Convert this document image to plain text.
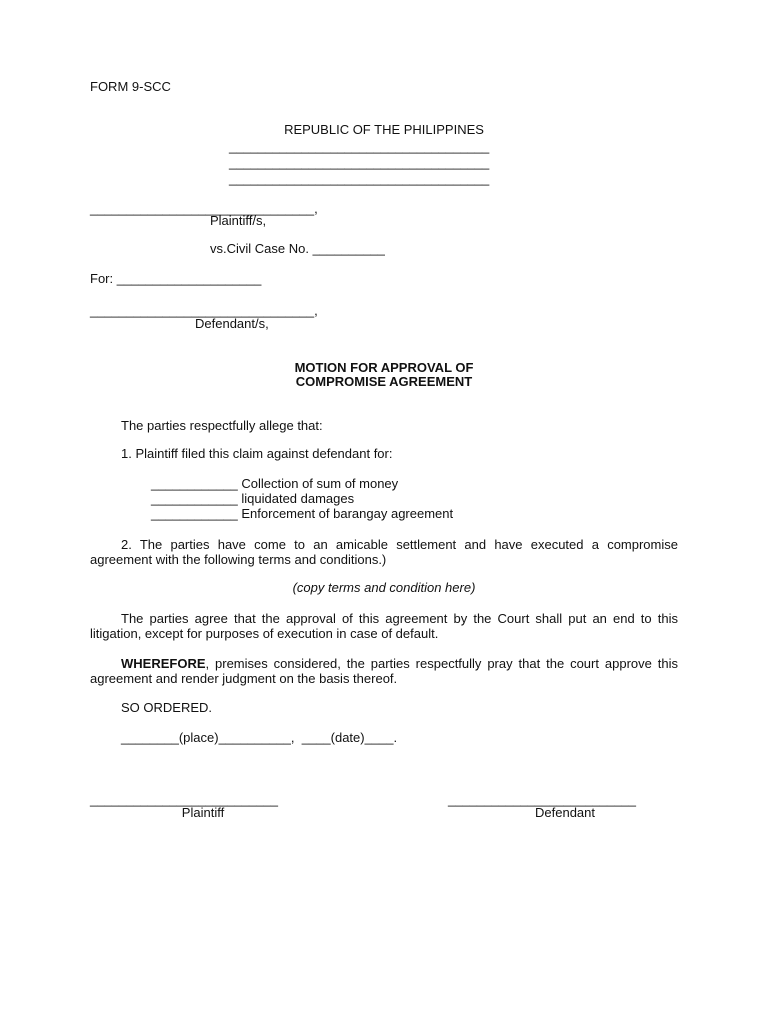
FORM 9-SCC
REPUBLIC OF THE PHILIPPINES
____________________________________
____________________________________
____________________________________
_______________________________,
Plaintiff/s,
vs.Civil Case No. __________
For: ____________________
_______________________________,
Defendant/s,
MOTION FOR APPROVAL OF
COMPROMISE AGREEMENT
The parties respectfully allege that:
1. Plaintiff filed this claim against defendant for:
____________ Collection of sum of money
____________ liquidated damages
____________ Enforcement of barangay agreement
2. The parties have come to an amicable settlement and have executed a compromise agreement with the following terms and conditions.)
(copy terms and condition here)
The parties agree that the approval of this agreement by the Court shall put an end to this litigation, except for purposes of execution in case of default.
WHEREFORE, premises considered, the parties respectfully pray that the court approve this agreement and render judgment on the basis thereof.
SO ORDERED.
________(place)__________,  ____(date)____.
__________________________
Plaintiff
__________________________
Defendant
